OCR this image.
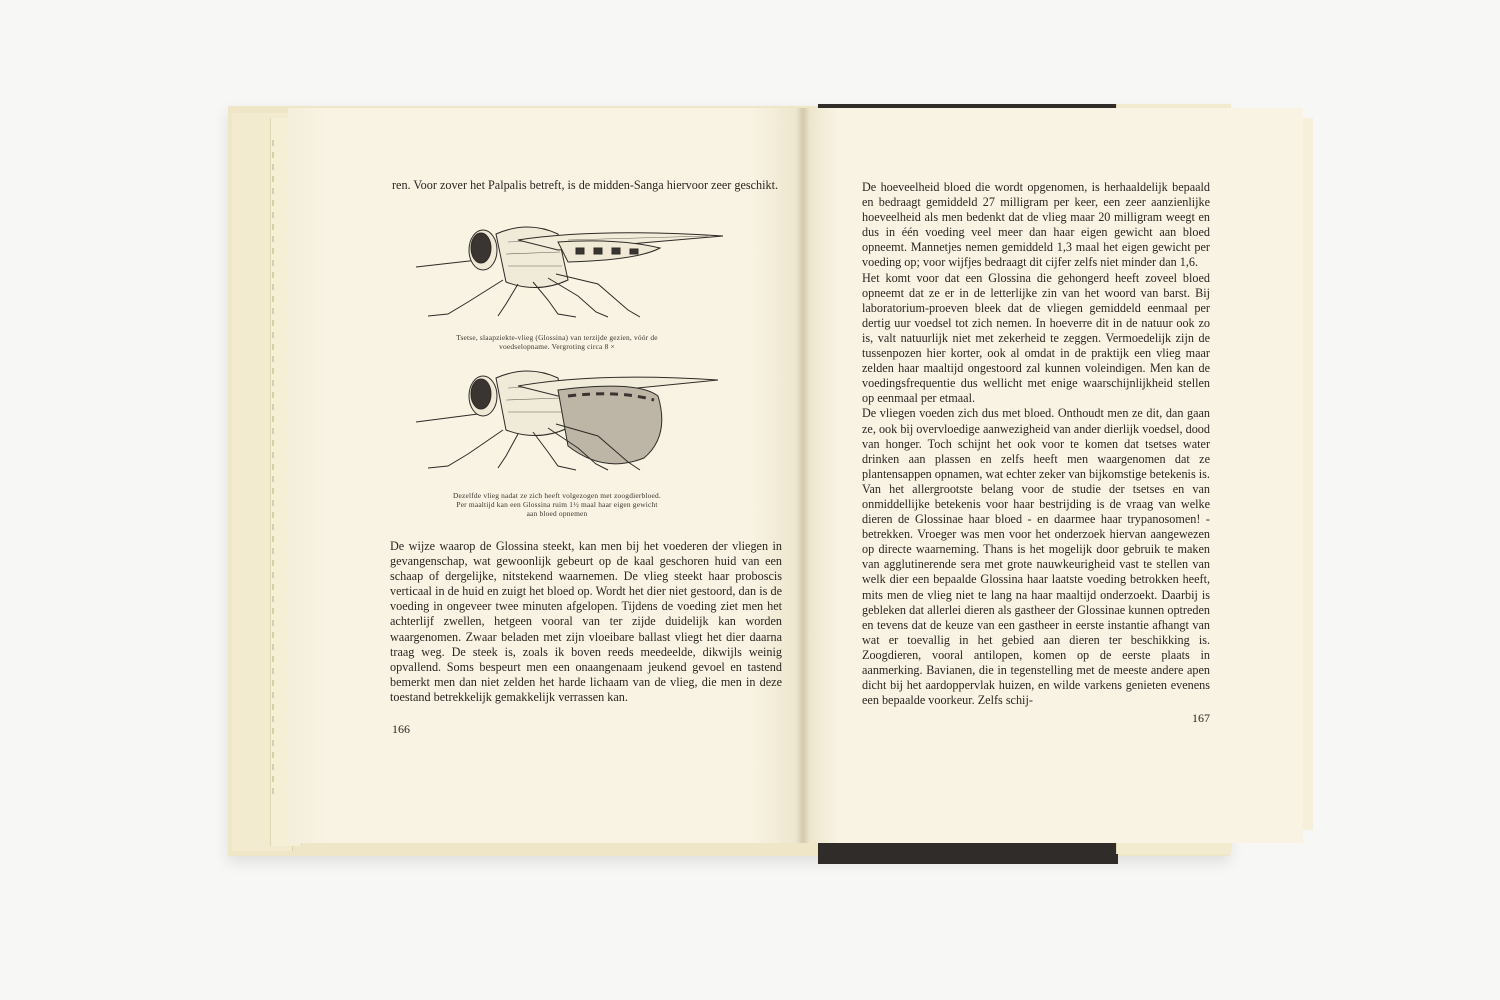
ren. Voor zover het Palpalis betreft, is de midden-Sanga hiervoor zeer geschikt.
Tsetse, slaapziekte-vlieg (Glossina) van terzijde gezien, vóór de voedselopname. Vergroting circa 8 ×
Dezelfde vlieg nadat ze zich heeft volgezogen met zoogdierbloed. Per maaltijd kan een Glossina ruim 1½ maal haar eigen gewicht aan bloed opnemen
De wijze waarop de Glossina steekt, kan men bij het voederen der vliegen in gevangenschap, wat gewoonlijk gebeurt op de kaal geschoren huid van een schaap of dergelijke, nitstekend waarnemen. De vlieg steekt haar proboscis verticaal in de huid en zuigt het bloed op. Wordt het dier niet gestoord, dan is de voeding in ongeveer twee minuten afgelopen. Tijdens de voeding ziet men het achterlijf zwellen, hetgeen vooral van ter zijde duidelijk kan worden waargenomen. Zwaar beladen met zijn vloeibare ballast vliegt het dier daarna traag weg. De steek is, zoals ik boven reeds meedeelde, dikwijls weinig opvallend. Soms bespeurt men een onaangenaam jeukend gevoel en tastend bemerkt men dan niet zelden het harde lichaam van de vlieg, die men in deze toestand betrekkelijk gemakkelijk verrassen kan.
166

De hoeveelheid bloed die wordt opgenomen, is herhaaldelijk bepaald en bedraagt gemiddeld 27 milligram per keer, een zeer aanzienlijke hoeveelheid als men bedenkt dat de vlieg maar 20 milligram weegt en dus in één voeding veel meer dan haar eigen gewicht aan bloed opneemt. Mannetjes nemen gemiddeld 1,3 maal het eigen gewicht per voeding op; voor wijfjes bedraagt dit cijfer zelfs niet minder dan 1,6.

Het komt voor dat een Glossina die gehongerd heeft zoveel bloed opneemt dat ze er in de letterlijke zin van het woord van barst. Bij laboratorium-proeven bleek dat de vliegen gemiddeld eenmaal per dertig uur voedsel tot zich nemen. In hoeverre dit in de natuur ook zo is, valt natuurlijk niet met zekerheid te zeggen. Vermoedelijk zijn de tussenpozen hier korter, ook al omdat in de praktijk een vlieg maar zelden haar maaltijd ongestoord zal kunnen voleindigen. Men kan de voedingsfrequentie dus wellicht met enige waarschijnlijkheid stellen op eenmaal per etmaal.

De vliegen voeden zich dus met bloed. Onthoudt men ze dit, dan gaan ze, ook bij overvloedige aanwezigheid van ander dierlijk voedsel, dood van honger. Toch schijnt het ook voor te komen dat tsetses water drinken aan plassen en zelfs heeft men waargenomen dat ze plantensappen opnamen, wat echter zeker van bijkomstige betekenis is.

Van het allergrootste belang voor de studie der tsetses en van onmiddellijke betekenis voor haar bestrijding is de vraag van welke dieren de Glossinae haar bloed - en daarmee haar trypanosomen! - betrekken. Vroeger was men voor het onderzoek hiervan aangewezen op directe waarneming. Thans is het mogelijk door gebruik te maken van agglutinerende sera met grote nauwkeurigheid vast te stellen van welk dier een bepaalde Glossina haar laatste voeding betrokken heeft, mits men de vlieg niet te lang na haar maaltijd onderzoekt. Daarbij is gebleken dat allerlei dieren als gastheer der Glossinae kunnen optreden en tevens dat de keuze van een gastheer in eerste instantie afhangt van wat er toevallig in het gebied aan dieren ter beschikking is. Zoogdieren, vooral antilopen, komen op de eerste plaats in aanmerking. Bavianen, die in tegenstelling met de meeste andere apen dicht bij het aardoppervlak huizen, en wilde varkens genieten evenens een bepaalde voorkeur. Zelfs schij-

167
